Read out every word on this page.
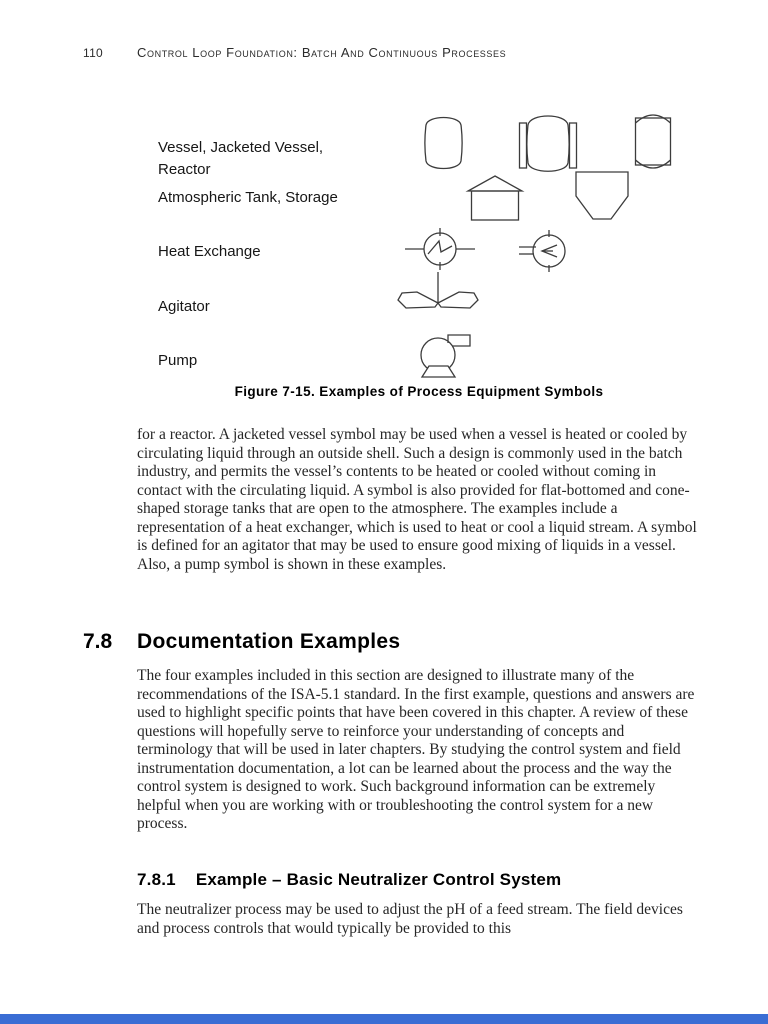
110	Control Loop Foundation: Batch And Continuous Processes
Vessel, Jacketed Vessel,
Reactor
Atmospheric Tank, Storage
Heat Exchange
Agitator
Pump
Figure 7-15. Examples of Process Equipment Symbols
for a reactor. A jacketed vessel symbol may be used when a vessel is heated or cooled by circulating liquid through an outside shell. Such a design is commonly used in the batch industry, and permits the vessel’s contents to be heated or cooled without coming in contact with the circulating liquid. A symbol is also provided for flat-bottomed and cone-shaped storage tanks that are open to the atmosphere. The examples include a representation of a heat exchanger, which is used to heat or cool a liquid stream. A symbol is defined for an agitator that may be used to ensure good mixing of liquids in a vessel. Also, a pump symbol is shown in these examples.
7.8 Documentation Examples
The four examples included in this section are designed to illustrate many of the recommendations of the ISA-5.1 standard. In the first example, questions and answers are used to highlight specific points that have been covered in this chapter. A review of these questions will hopefully serve to reinforce your understanding of concepts and terminology that will be used in later chapters. By studying the control system and field instrumentation documentation, a lot can be learned about the process and the way the control system is designed to work. Such background information can be extremely helpful when you are working with or troubleshooting the control system for a new process.
7.8.1 Example – Basic Neutralizer Control System
The neutralizer process may be used to adjust the pH of a feed stream. The field devices and process controls that would typically be provided to this
